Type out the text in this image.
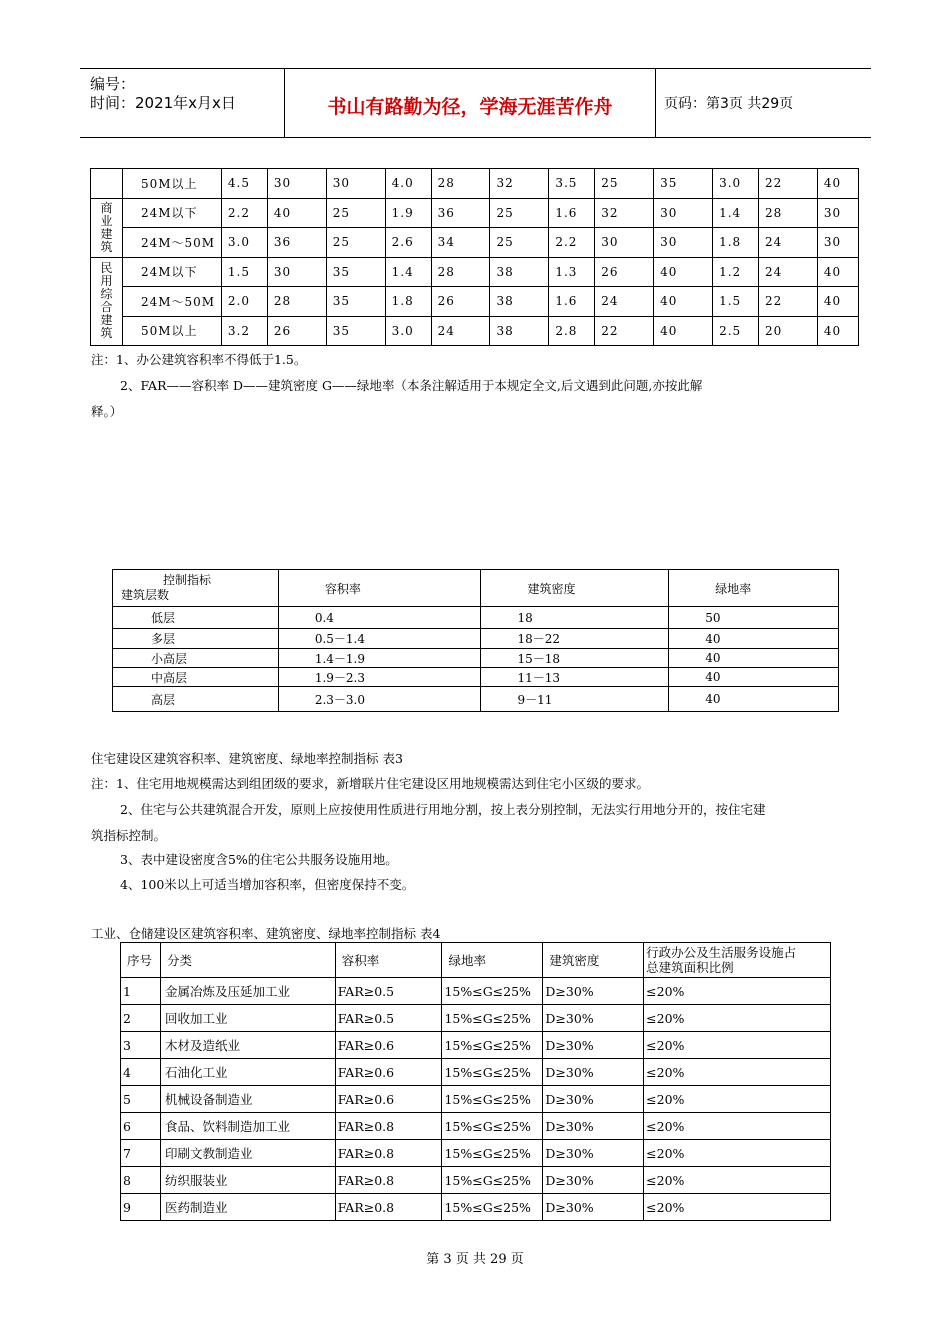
编号：
时间：2021年x月x日	书山有路勤为径，学海无涯苦作舟	页码：第3页 共29页
	50M以上	4.5	30	30	4.0	28	32	3.5	25	35	3.0	22	40

商业建筑	24M以下	2.2	40	25	1.9	36	25	1.6	32	30	1.4	28	30
	24M～50M	3.0	36	25	2.6	34	25	2.2	30	30	1.8	24	30

民用综合建筑	24M以下	1.5	30	35	1.4	28	38	1.3	26	40	1.2	24	40
	24M～50M	2.0	28	35	1.8	26	38	1.6	24	40	1.5	22	40
	50M以上	3.2	26	35	3.0	24	38	2.8	22	40	2.5	20	40
注：1、办公建筑容积率不得低于1.5。
2、FAR——容积率 D——建筑密度 G——绿地率（本条注解适用于本规定全文,后文遇到此问题,亦按此解
释。）
控制指标
建筑层数	容积率	建筑密度	绿地率
低层	0.4	18	50
多层	0.5－1.4	18－22	40
小高层	1.4－1.9	15－18	40
中高层	1.9－2.3	11－13	40
高层	2.3－3.0	9－11	40
住宅建设区建筑容积率、建筑密度、绿地率控制指标 表3
注：1、住宅用地规模需达到组团级的要求，新增联片住宅建设区用地规模需达到住宅小区级的要求。
2、住宅与公共建筑混合开发，原则上应按使用性质进行用地分割，按上表分别控制，无法实行用地分开的，按住宅建
筑指标控制。
3、表中建设密度含5%的住宅公共服务设施用地。
4、100米以上可适当增加容积率，但密度保持不变。
工业、仓储建设区建筑容积率、建筑密度、绿地率控制指标 表4
序号	分类	容积率	绿地率	建筑密度	行政办公及生活服务设施占
总建筑面积比例

1	金属冶炼及压延加工业	FAR≥0.5	15%≤G≤25%	D≥30%	≤20%
2	回收加工业	FAR≥0.5	15%≤G≤25%	D≥30%	≤20%
3	木材及造纸业	FAR≥0.6	15%≤G≤25%	D≥30%	≤20%
4	石油化工业	FAR≥0.6	15%≤G≤25%	D≥30%	≤20%
5	机械设备制造业	FAR≥0.6	15%≤G≤25%	D≥30%	≤20%
6	食品、饮料制造加工业	FAR≥0.8	15%≤G≤25%	D≥30%	≤20%
7	印刷文教制造业	FAR≥0.8	15%≤G≤25%	D≥30%	≤20%
8	纺织服装业	FAR≥0.8	15%≤G≤25%	D≥30%	≤20%
9	医药制造业	FAR≥0.8	15%≤G≤25%	D≥30%	≤20%
第 3 页 共 29 页
